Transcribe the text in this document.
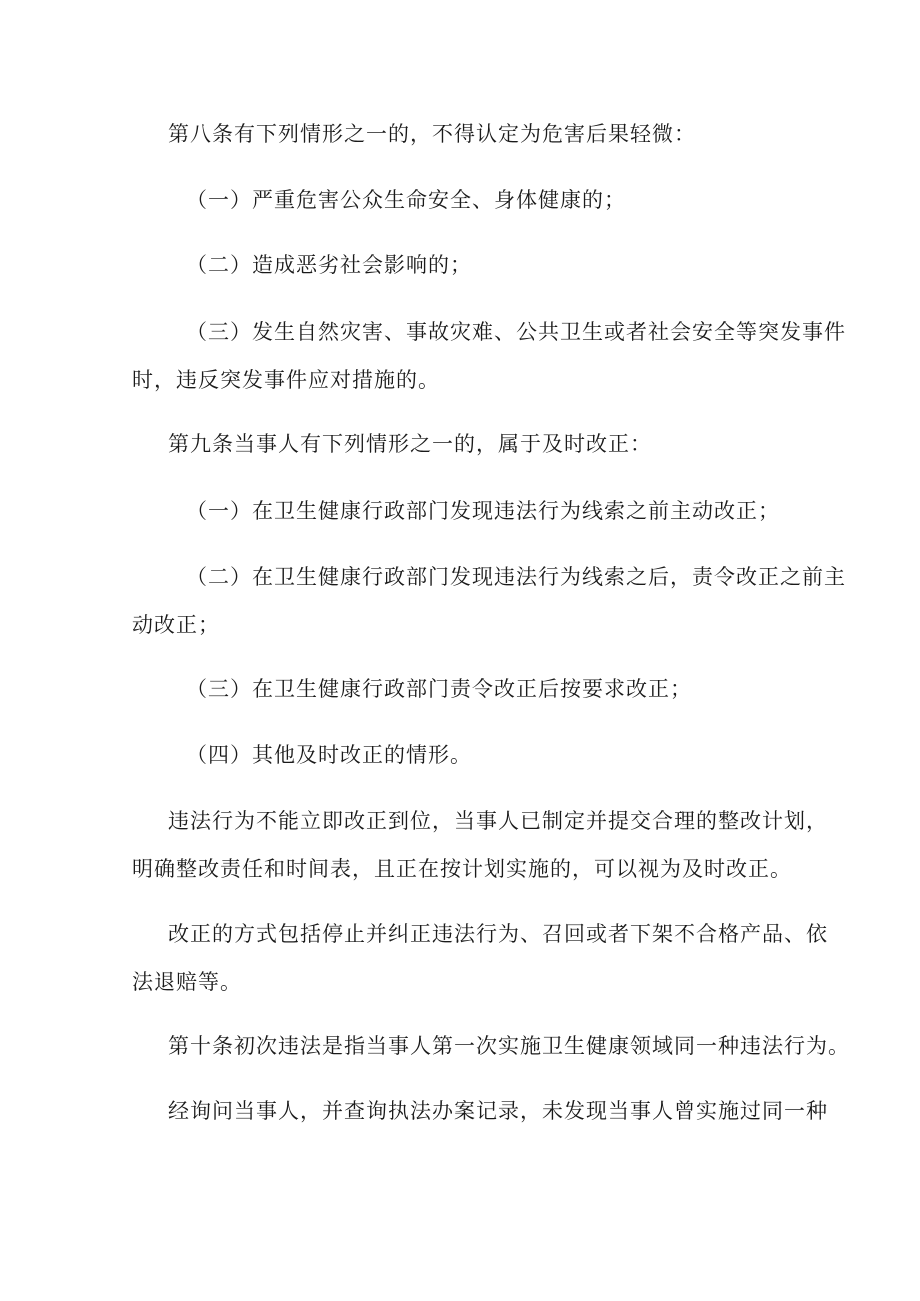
第八条有下列情形之一的，不得认定为危害后果轻微：
（一）严重危害公众生命安全、身体健康的；
（二）造成恶劣社会影响的；
（三）发生自然灾害、事故灾难、公共卫生或者社会安全等突发事件
时，违反突发事件应对措施的。
第九条当事人有下列情形之一的，属于及时改正：
（一）在卫生健康行政部门发现违法行为线索之前主动改正；
（二）在卫生健康行政部门发现违法行为线索之后，责令改正之前主
动改正；
（三）在卫生健康行政部门责令改正后按要求改正；
（四）其他及时改正的情形。
违法行为不能立即改正到位，当事人已制定并提交合理的整改计划，
明确整改责任和时间表，且正在按计划实施的，可以视为及时改正。
改正的方式包括停止并纠正违法行为、召回或者下架不合格产品、依
法退赔等。
第十条初次违法是指当事人第一次实施卫生健康领域同一种违法行为。
经询问当事人，并查询执法办案记录，未发现当事人曾实施过同一种
